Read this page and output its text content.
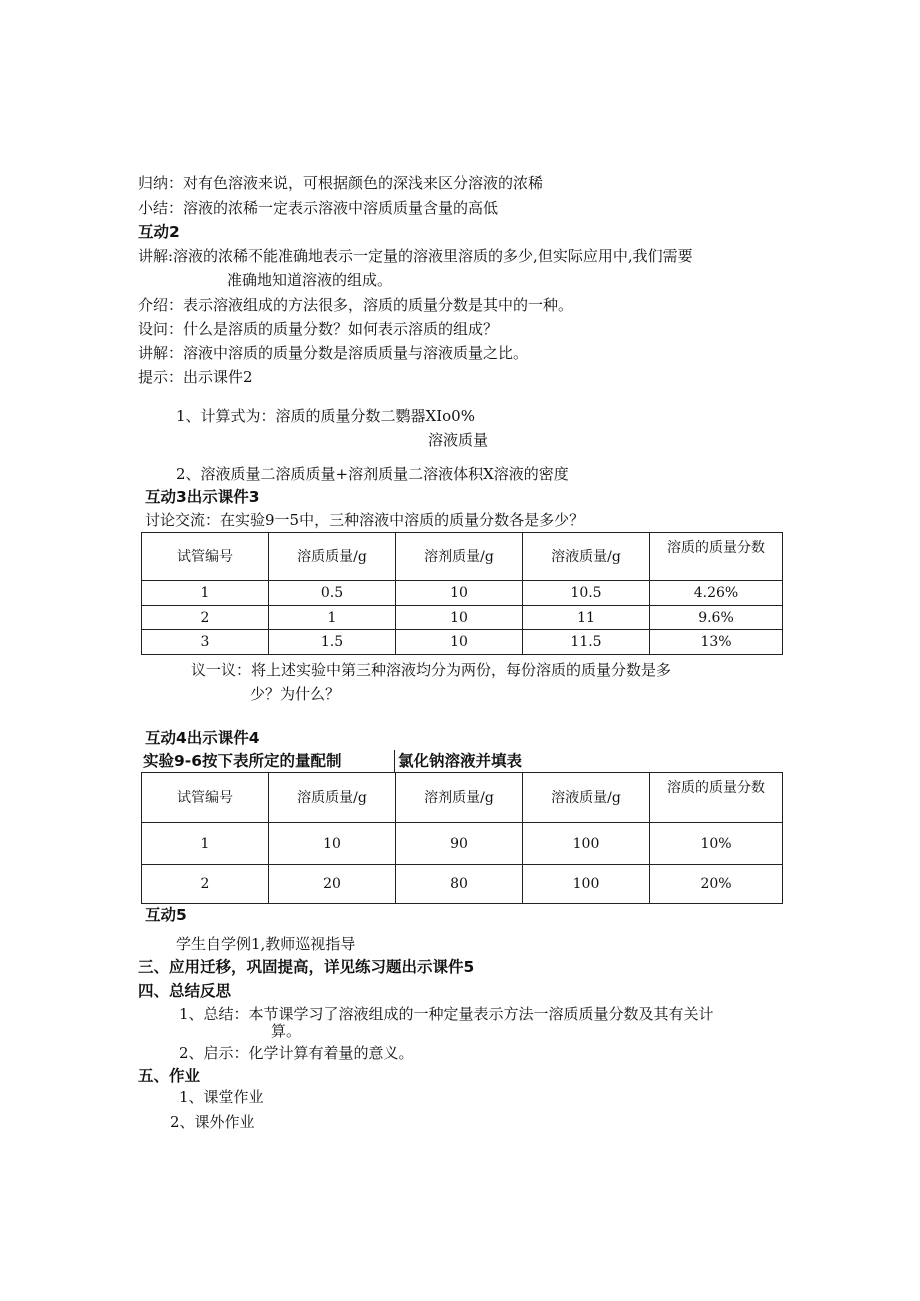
归纳：对有色溶液来说，可根据颜色的深浅来区分溶液的浓稀
小结：溶液的浓稀一定表示溶液中溶质质量含量的高低
互动2
讲解:溶液的浓稀不能准确地表示一定量的溶液里溶质的多少,但实际应用中,我们需要
准确地知道溶液的组成。
介绍：表示溶液组成的方法很多，溶质的质量分数是其中的一种。
设问：什么是溶质的质量分数？如何表示溶质的组成？
讲解：溶液中溶质的质量分数是溶质质量与溶液质量之比。
提示：出示课件2
1、计算式为：溶质的质量分数二鹦器XIo0%
溶液质量
2、溶液质量二溶质质量+溶剂质量二溶液体积X溶液的密度
互动3出示课件3
讨论交流：在实验9一5中，三种溶液中溶质的质量分数各是多少？
试管编号	溶质质量/g	溶剂质量/g	溶液质量/g	溶质的质量分数
1	0.5	10	10.5	4.26%
2	1	10	11	9.6%
3	1.5	10	11.5	13%
议一议：将上述实验中第三种溶液均分为两份，每份溶质的质量分数是多
少？为什么？
互动4出示课件4
实验9-6按下表所定的量配制	氯化钠溶液并填表
试管编号	溶质质量/g	溶剂质量/g	溶液质量/g	溶质的质量分数
1	10	90	100	10%
2	20	80	100	20%
互动5
学生自学例1,教师巡视指导
三、应用迁移，巩固提高，详见练习题出示课件5
四、总结反思
1、总结：本节课学习了溶液组成的一种定量表示方法一溶质质量分数及其有关计
算。
2、启示：化学计算有着量的意义。
五、作业
1、课堂作业
2、课外作业
